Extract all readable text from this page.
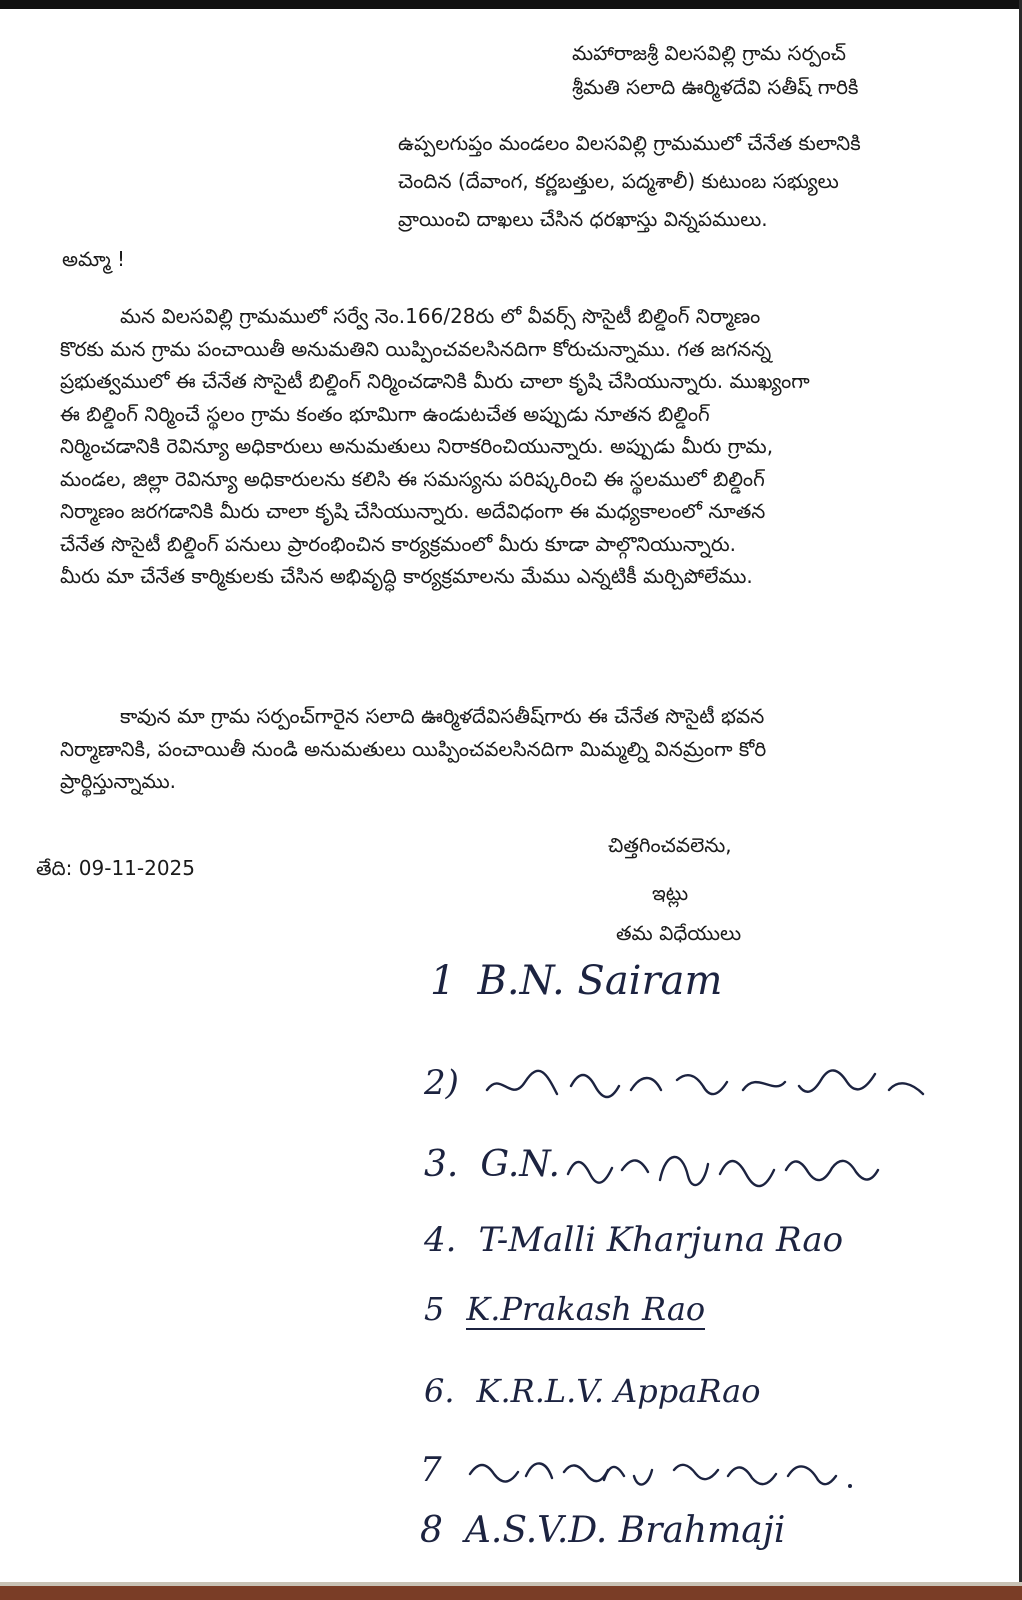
మహారాజశ్రీ విలసవిల్లి గ్రామ సర్పంచ్
శ్రీమతి సలాది ఊర్మిళదేవి సతీష్ గారికి
ఉప్పలగుప్తం మండలం విలసవిల్లి గ్రామములో చేనేత కులానికి
చెందిన (దేవాంగ, కర్ణబత్తుల, పద్మశాలీ) కుటుంబ సభ్యులు
వ్రాయించి దాఖలు చేసిన ధరఖాస్తు విన్నపములు.
అమ్మా !
మన విలసవిల్లి గ్రామములో సర్వే నెం.166/28రు లో వీవర్స్ సొసైటీ బిల్డింగ్ నిర్మాణం
కొరకు మన గ్రామ పంచాయితీ అనుమతిని యిప్పించవలసినదిగా కోరుచున్నాము. గత జగనన్న
ప్రభుత్వములో ఈ చేనేత సొసైటీ బిల్డింగ్ నిర్మించడానికి మీరు చాలా కృషి చేసియున్నారు. ముఖ్యంగా
ఈ బిల్డింగ్ నిర్మించే స్థలం గ్రామ కంతం భూమిగా ఉండుటచేత అప్పుడు నూతన బిల్డింగ్
నిర్మించడానికి రెవిన్యూ అధికారులు అనుమతులు నిరాకరించియున్నారు. అప్పుడు మీరు గ్రామ,
మండల, జిల్లా రెవిన్యూ అధికారులను కలిసి ఈ సమస్యను పరిష్కరించి ఈ స్థలములో బిల్డింగ్
నిర్మాణం జరగడానికి మీరు చాలా కృషి చేసియున్నారు. అదేవిధంగా ఈ మధ్యకాలంలో నూతన
చేనేత సొసైటీ బిల్డింగ్ పనులు ప్రారంభించిన కార్యక్రమంలో మీరు కూడా పాల్గొనియున్నారు.
మీరు మా చేనేత కార్మికులకు చేసిన అభివృద్ధి కార్యక్రమాలను మేము ఎన్నటికీ మర్చిపోలేము.
కావున మా గ్రామ సర్పంచ్‌గారైన సలాది ఊర్మిళదేవిసతీష్‌గారు ఈ చేనేత సొసైటీ భవన
నిర్మాణానికి, పంచాయితీ నుండి అనుమతులు యిప్పించవలసినదిగా మిమ్మల్ని వినమ్రంగా కోరి
ప్రార్థిస్తున్నాము.
తేది: 09-11-2025
చిత్తగించవలెను,
ఇట్లు
తమ విధేయులు
1 B.N. Sairam
2)
3. G.N.
4. T-Malli Kharjuna Rao
5 K.Prakash Rao
6. K.R.L.V. AppaRao
7
8 A.S.V.D. Brahmaji
